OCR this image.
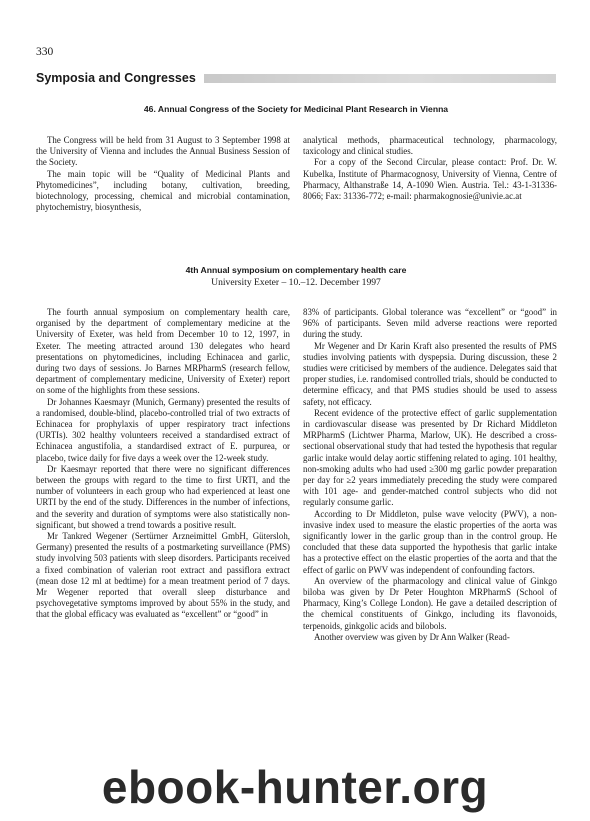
330
Symposia and Congresses
46. Annual Congress of the Society for Medicinal Plant Research in Vienna

The Congress will be held from 31 August to 3 September 1998 at the University of Vienna and includes the Annual Business Session of the Society.

The main topic will be “Quality of Medicinal Plants and Phytomedicines”, including botany, cultivation, breeding, biotechnology, processing, chemical and microbial contamination, phytochemistry, biosynthesis,

analytical methods, pharmaceutical technology, pharmacology, taxicology and clinical studies.

For a copy of the Second Circular, please contact: Prof. Dr. W. Kubelka, Institute of Pharmacognosy, University of Vienna, Centre of Pharmacy, Althanstraße 14, A-1090 Wien. Austria. Tel.: 43-1-31336-8066; Fax: 31336-772; e-mail: pharmakognosie@univie.ac.at

4th Annual symposium on complementary health care
University Exeter – 10.–12. December 1997

The fourth annual symposium on complementary health care, organised by the department of complementary medicine at the University of Exeter, was held from December 10 to 12, 1997, in Exeter. The meeting attracted around 130 delegates who heard presentations on phytomedicines, including Echinacea and garlic, during two days of sessions. Jo Barnes MRPharmS (research fellow, department of complementary medicine, University of Exeter) report on some of the highlights from these sessions.

Dr Johannes Kaesmayr (Munich, Germany) presented the results of a randomised, double-blind, placebo-controlled trial of two extracts of Echinacea for prophylaxis of upper respiratory tract infections (URTIs). 302 healthy volunteers received a standardised extract of Echinacea angustifolia, a standardised extract of E. purpurea, or placebo, twice daily for five days a week over the 12-week study.

Dr Kaesmayr reported that there were no significant differences between the groups with regard to the time to first URTI, and the number of volunteers in each group who had experienced at least one URTI by the end of the study. Differences in the number of infections, and the severity and duration of symptoms were also statistically non-significant, but showed a trend towards a positive result.

Mr Tankred Wegener (Sertürner Arzneimittel GmbH, Gütersloh, Germany) presented the results of a postmarketing surveillance (PMS) study involving 503 patients with sleep disorders. Participants received a fixed combination of valerian root extract and passiflora extract (mean dose 12 ml at bedtime) for a mean treatment period of 7 days. Mr Wegener reported that overall sleep disturbance and psychovegetative symptoms improved by about 55% in the study, and that the global efficacy was evaluated as “excellent” or “good” in

83% of participants. Global tolerance was “excellent” or “good” in 96% of participants. Seven mild adverse reactions were reported during the study.

Mr Wegener and Dr Karin Kraft also presented the results of PMS studies involving patients with dyspepsia. During discussion, these 2 studies were criticised by members of the audience. Delegates said that proper studies, i.e. randomised controlled trials, should be conducted to determine efficacy, and that PMS studies should be used to assess safety, not efficacy.

Recent evidence of the protective effect of garlic supplementation in cardiovascular disease was presented by Dr Richard Middleton MRPharmS (Lichtwer Pharma, Marlow, UK). He described a cross-sectional observational study that had tested the hypothesis that regular garlic intake would delay aortic stiffening related to aging. 101 healthy, non-smoking adults who had used ≥300 mg garlic powder preparation per day for ≥2 years immediately preceding the study were compared with 101 age- and gender-matched control subjects who did not regularly consume garlic.

According to Dr Middleton, pulse wave velocity (PWV), a non-invasive index used to measure the elastic properties of the aorta was significantly lower in the garlic group than in the control group. He concluded that these data supported the hypothesis that garlic intake has a protective effect on the elastic properties of the aorta and that the effect of garlic on PWV was independent of confounding factors.

An overview of the pharmacology and clinical value of Ginkgo biloba was given by Dr Peter Houghton MRPharmS (School of Pharmacy, King’s College London). He gave a detailed description of the chemical constituents of Ginkgo, including its flavonoids, terpenoids, ginkgolic acids and bilobols.

Another overview was given by Dr Ann Walker (Read-

ebook-hunter.org
